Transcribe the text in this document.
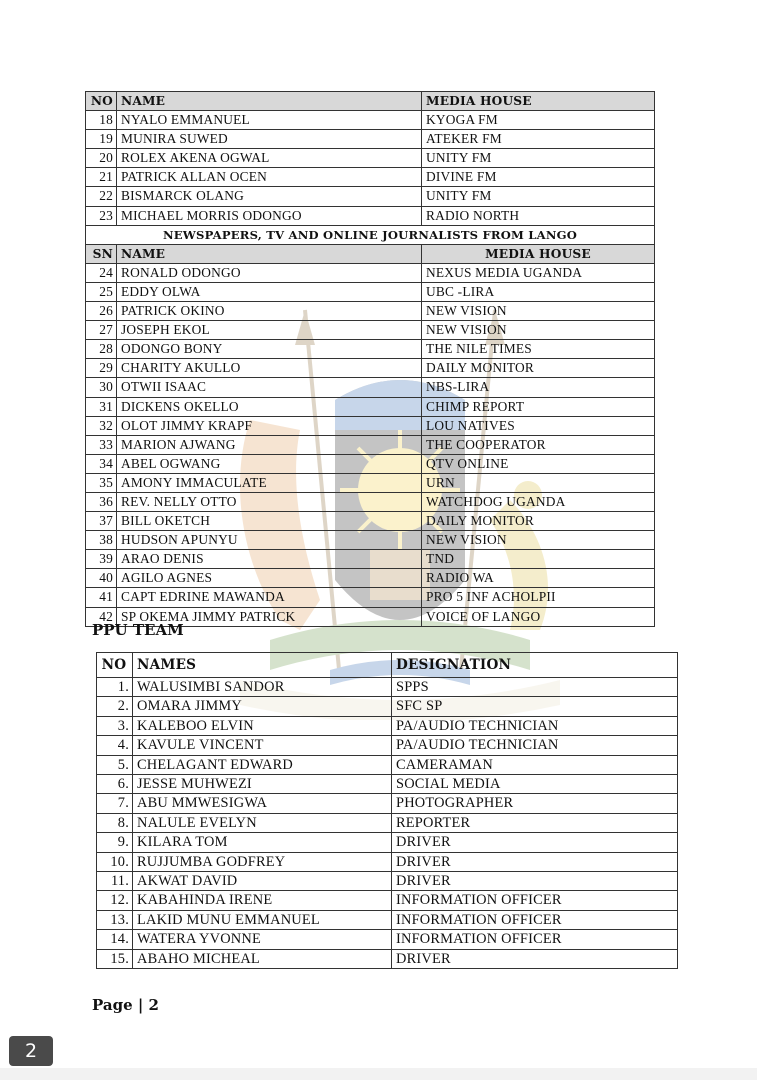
NO	NAME	MEDIA HOUSE
18	NYALO EMMANUEL	KYOGA FM
19	MUNIRA SUWED	ATEKER FM
20	ROLEX AKENA OGWAL	UNITY FM
21	PATRICK ALLAN OCEN	DIVINE FM
22	BISMARCK OLANG	UNITY FM
23	MICHAEL MORRIS ODONGO	RADIO NORTH
NEWSPAPERS, TV AND ONLINE JOURNALISTS FROM LANGO		
SN	NAME	MEDIA HOUSE
24	RONALD ODONGO	NEXUS MEDIA UGANDA
25	EDDY OLWA	UBC -LIRA
26	PATRICK OKINO	NEW VISION
27	JOSEPH EKOL	NEW VISION
28	ODONGO BONY	THE NILE TIMES
29	CHARITY AKULLO	DAILY MONITOR
30	OTWII ISAAC	NBS-LIRA
31	DICKENS OKELLO	CHIMP REPORT
32	OLOT JIMMY KRAPF	LOU NATIVES
33	MARION AJWANG	THE COOPERATOR
34	ABEL OGWANG	QTV ONLINE
35	AMONY IMMACULATE	URN
36	REV. NELLY OTTO	WATCHDOG UGANDA
37	BILL OKETCH	DAILY MONITOR
38	HUDSON APUNYU	NEW VISION
39	ARAO DENIS	TND
40	AGILO AGNES	RADIO WA
41	CAPT EDRINE MAWANDA	PRO 5 INF ACHOLPII
42	SP OKEMA JIMMY PATRICK	VOICE OF LANGO
PPU TEAM
NO	NAMES	DESIGNATION
1.	WALUSIMBI SANDOR	SPPS
2.	OMARA JIMMY	SFC SP
3.	KALEBOO ELVIN	PA/AUDIO TECHNICIAN
4.	KAVULE VINCENT	PA/AUDIO TECHNICIAN
5.	CHELAGANT EDWARD	CAMERAMAN
6.	JESSE MUHWEZI	SOCIAL MEDIA
7.	ABU MMWESIGWA	PHOTOGRAPHER
8.	NALULE EVELYN	REPORTER
9.	KILARA TOM	DRIVER
10.	RUJJUMBA GODFREY	DRIVER
11.	AKWAT DAVID	DRIVER
12.	KABAHINDA IRENE	INFORMATION OFFICER
13.	LAKID MUNU EMMANUEL	INFORMATION OFFICER
14.	WATERA YVONNE	INFORMATION OFFICER
15.	ABAHO MICHEAL	DRIVER
Page | 2
2
